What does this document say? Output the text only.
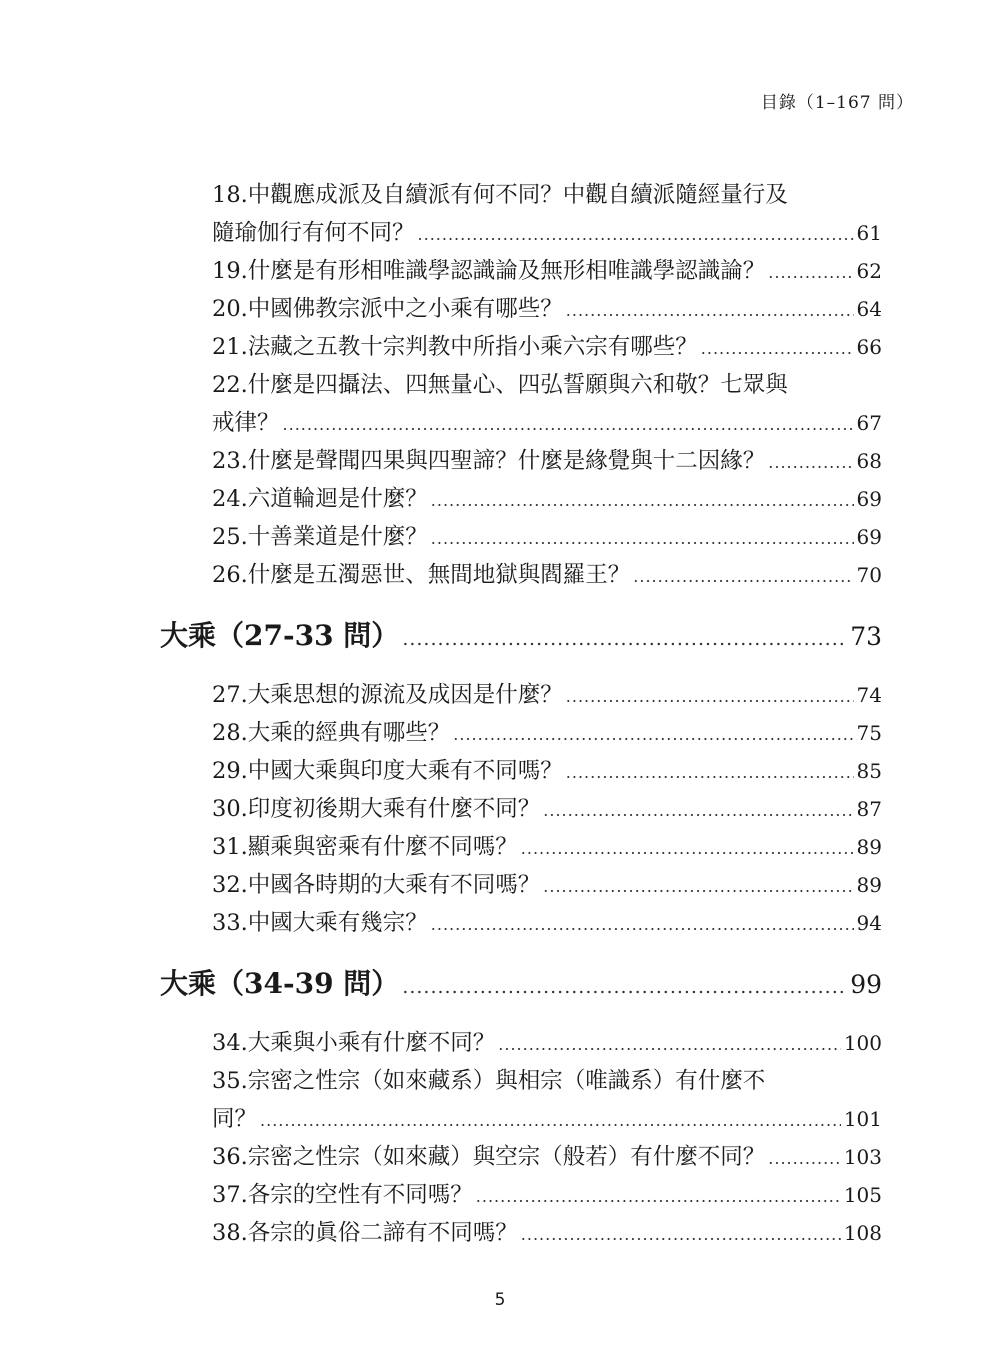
目錄（1–167 問）
18.中觀應成派及自續派有何不同？中觀自續派隨經量行及
隨瑜伽行有何不同？ .....	61
19.什麼是有形相唯識學認識論及無形相唯識學認識論？ .....	62
20.中國佛教宗派中之小乘有哪些？ .....	64
21.法藏之五教十宗判教中所指小乘六宗有哪些？ .....	66
22.什麼是四攝法、四無量心、四弘誓願與六和敬？七眾與
戒律？ .....	67
23.什麼是聲聞四果與四聖諦？什麼是緣覺與十二因緣？ .....	68
24.六道輪迴是什麼？ .....	69
25.十善業道是什麼？ .....	69
26.什麼是五濁惡世、無間地獄與閻羅王？ .....	70
大乘（27-33 問） .....	73
27.大乘思想的源流及成因是什麼？ .....	74
28.大乘的經典有哪些？ .....	75
29.中國大乘與印度大乘有不同嗎？ .....	85
30.印度初後期大乘有什麼不同？ .....	87
31.顯乘與密乘有什麼不同嗎？ .....	89
32.中國各時期的大乘有不同嗎？ .....	89
33.中國大乘有幾宗？ .....	94
大乘（34-39 問） .....	99
34.大乘與小乘有什麼不同？ .....	100
35.宗密之性宗（如來藏系）與相宗（唯識系）有什麼不
同？ .....	101
36.宗密之性宗（如來藏）與空宗（般若）有什麼不同？ .....	103
37.各宗的空性有不同嗎？ .....	105
38.各宗的眞俗二諦有不同嗎？ .....	108
5
